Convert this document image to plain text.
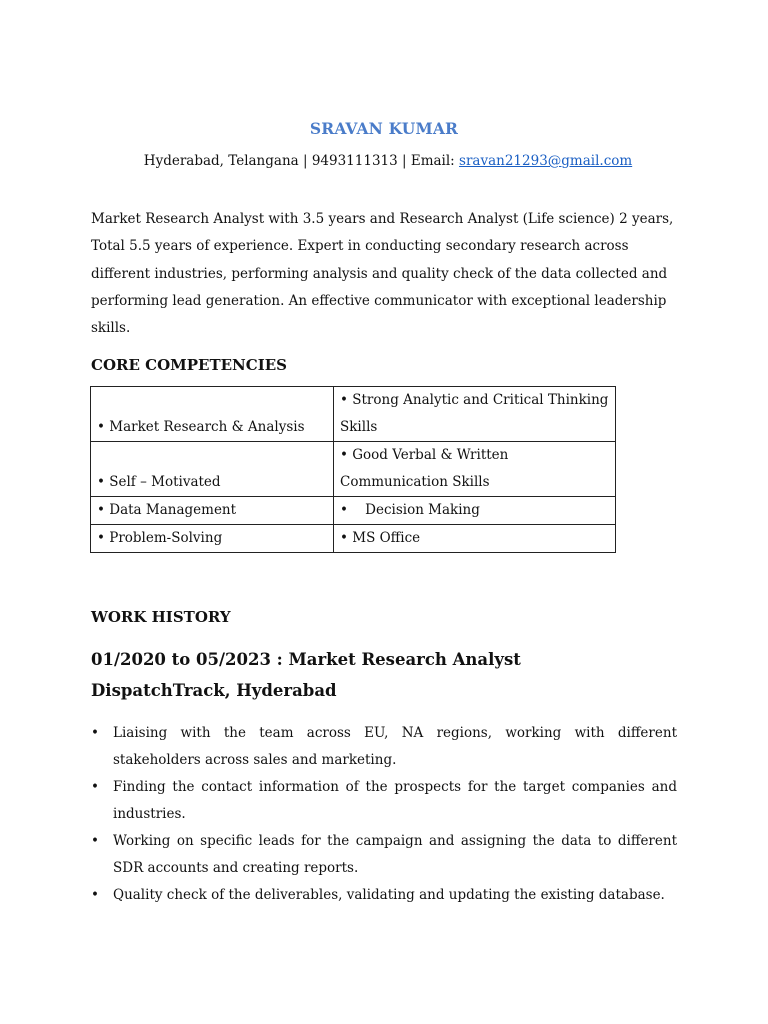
SRAVAN KUMAR
Hyderabad, Telangana | 9493111313 | Email: sravan21293@gmail.com

Market Research Analyst with 3.5 years and Research Analyst (Life science) 2 years, Total 5.5 years of experience. Expert in conducting secondary research across different industries, performing analysis and quality check of the data collected and performing lead generation. An effective communicator with exceptional leadership skills.

CORE COMPETENCIES
• Market Research & Analysis	• Strong Analytic and Critical Thinking Skills
• Self – Motivated	• Good Verbal & Written Communication Skills
• Data Management	•    Decision Making
• Problem-Solving	• MS Office
WORK HISTORY
01/2020 to 05/2023 : Market Research Analyst
DispatchTrack, Hyderabad
• Liaising with the team across EU, NA regions, working with different stakeholders across sales and marketing.
• Finding the contact information of the prospects for the target companies and industries.
• Working on specific leads for the campaign and assigning the data to different SDR accounts and creating reports.
• Quality check of the deliverables, validating and updating the existing database.
